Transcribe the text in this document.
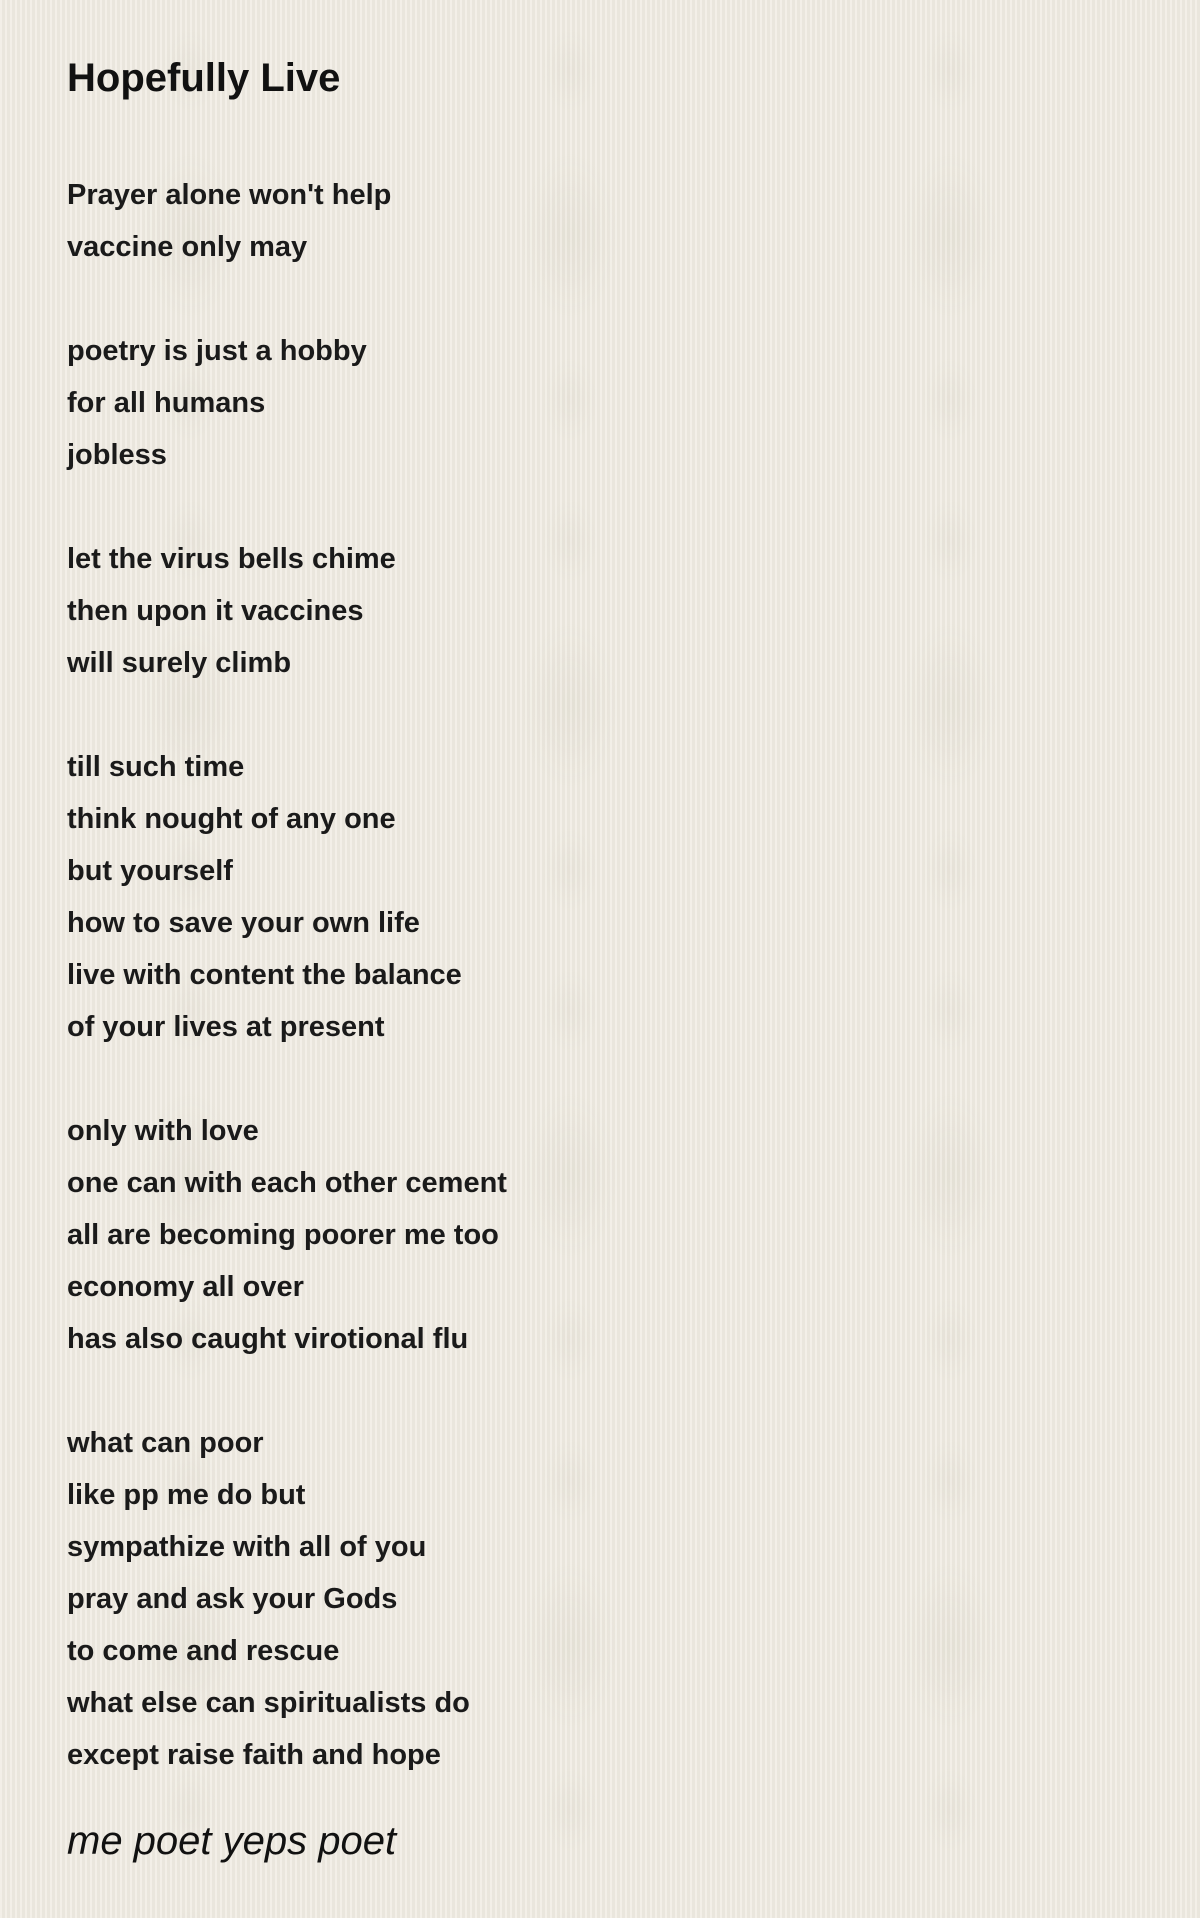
Hopefully Live
Prayer alone won't help
vaccine only may
poetry is just a hobby
for all humans
jobless
let the virus bells chime
then upon it vaccines
will surely climb
till such time
think nought of any one
but yourself
how to save your own life
live with content the balance
of your lives at present
only with love
one can with each other cement
all are becoming poorer me too
economy all over
has also caught virotional flu
what can poor
like pp me do but
sympathize with all of you
pray and ask your Gods
to come and rescue
what else can spiritualists do
except raise faith and hope
me poet yeps poet
